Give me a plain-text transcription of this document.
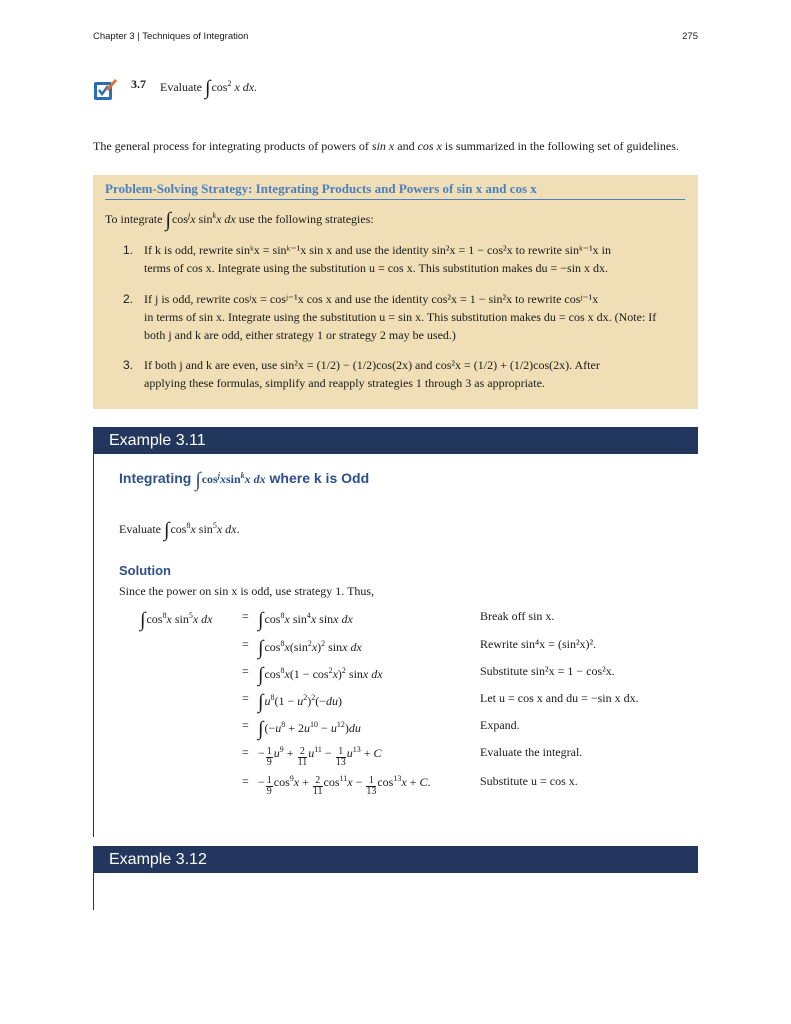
Chapter 3 | Techniques of Integration	275
3.7 Evaluate $\int\cos^2$ x dx.
The general process for integrating products of powers of sin x and cos x is summarized in the following set of guidelines.
Problem-Solving Strategy: Integrating Products and Powers of sin x and cos x
To integrate $\int\cos^jx$ $\sin^kx$ dx use the following strategies:
1. If k is odd, rewrite sinᵏx = sinᵏ⁻¹x sin x and use the identity sin²x = 1 − cos²x to rewrite sinᵏ⁻¹x in
terms of cos x. Integrate using the substitution u = cos x. This substitution makes du = −sin x dx.
2. If j is odd, rewrite cosʲx = cosʲ⁻¹x cos x and use the identity cos²x = 1 − sin²x to rewrite cosʲ⁻¹x
in terms of sin x. Integrate using the substitution u = sin x. This substitution makes du = cos x dx. (Note: If
both j and k are odd, either strategy 1 or strategy 2 may be used.)
3. If both j and k are even, use sin²x = (1/2) − (1/2)cos(2x) and cos²x = (1/2) + (1/2)cos(2x). After
applying these formulas, simplify and reapply strategies 1 through 3 as appropriate.
Example 3.11
Integrating $\int\cos^jxsin^kx$ dx where k is Odd
Evaluate $\int\cos^8x$ $\sin^5x$ dx.
Solution
Since the power on sin x is odd, use strategy 1. Thus,
$\int\cos^8x$ $\sin^5x$ dx	= $\int\cos^8x$ $\sin^4x$ sinx dx	Break off sin x.
= $\int\cos^8x(\sin^2x)^2$ sinx dx	Rewrite sin⁴x = (sin²x)².
= $\int\cos^8x(1 - \cos^2x)^2$ sinx dx	Substitute sin²x = 1 − cos²x.
= $\int u^8(1 - u^2)^2(-du)$	Let u = cos x and du = −sin x dx.
= $\int(-u^8 + 2u^{10} - u^{12})du$	Expand.
= − $\frac{1}{9} u^9 + \frac{2}{11} u^{11} - \frac{1}{13} u^{13} + C$	Evaluate the integral.
= − $\frac{1}{9} \cos^9x + \frac{2}{11} \cos^{11}x - \frac{1}{13} \cos^{13}x + C$.	Substitute u = cos x.
Example 3.12
